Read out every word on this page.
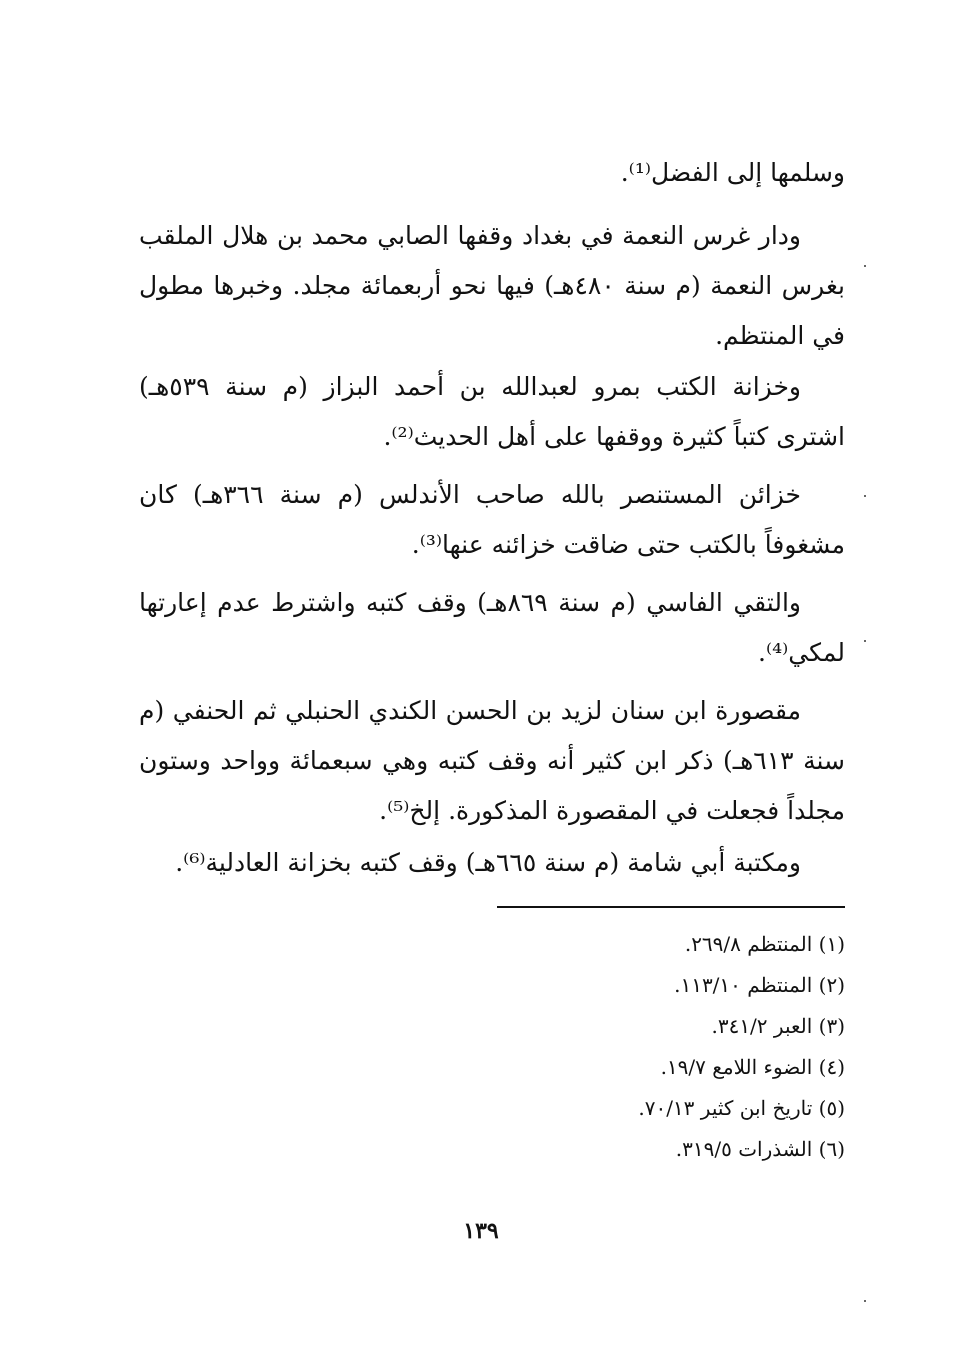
وسلمها إلى الفضل⁽¹⁾.

ودار غرس النعمة في بغداد وقفها الصابي محمد بن هلال الملقب بغرس النعمة (م سنة ٤٨٠هـ) فيها نحو أربعمائة مجلد. وخبرها مطول في المنتظم.

وخزانة الكتب بمرو لعبدالله بن أحمد البزاز (م سنة ٥٣٩هـ) اشترى كتباً كثيرة ووقفها على أهل الحديث⁽²⁾.

خزائن المستنصر بالله صاحب الأندلس (م سنة ٣٦٦هـ) كان مشغوفاً بالكتب حتى ضاقت خزائنه عنها⁽³⁾.

والتقي الفاسي (م سنة ٨٦٩هـ) وقف كتبه واشترط عدم إعارتها لمكي⁽⁴⁾.

مقصورة ابن سنان لزيد بن الحسن الكندي الحنبلي ثم الحنفي (م سنة ٦١٣هـ) ذكر ابن كثير أنه وقف كتبه وهي سبعمائة وواحد وستون مجلداً فجعلت في المقصورة المذكورة. إلخ⁽⁵⁾.

ومكتبة أبي شامة (م سنة ٦٦٥هـ) وقف كتبه بخزانة العادلية⁽⁶⁾.

(١) المنتظم ٢٦٩/٨.
(٢) المنتظم ١١٣/١٠.
(٣) العبر ٣٤١/٢.
(٤) الضوء اللامع ١٩/٧.
(٥) تاريخ ابن كثير ٧٠/١٣.
(٦) الشذرات ٣١٩/٥.
١٣٩
